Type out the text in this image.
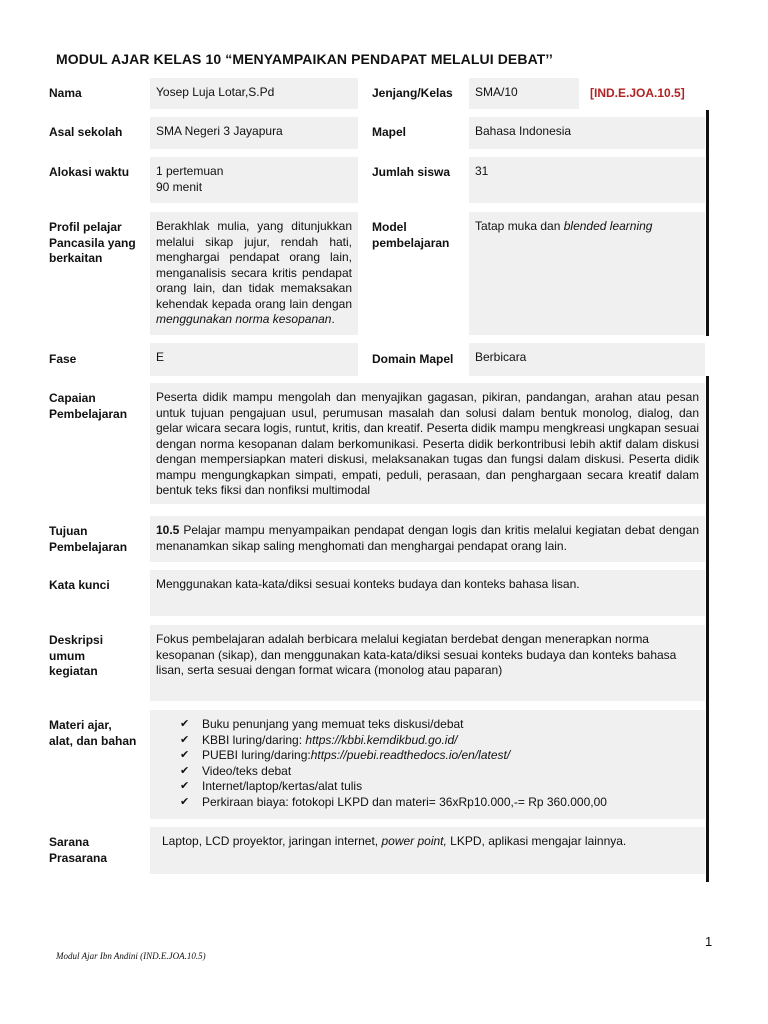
MODUL AJAR KELAS 10 “MENYAMPAIKAN PENDAPAT MELALUI DEBAT’’
Nama
Asal sekolah
Alokasi waktu
Profil pelajar
Pancasila yang
berkaitan
Fase
Yosep Luja Lotar,S.Pd
SMA Negeri 3 Jayapura
1 pertemuan
90 menit
Berakhlak mulia, yang ditunjukkan melalui sikap jujur, rendah hati, menghargai pendapat orang lain, menganalisis secara kritis pendapat orang lain, dan tidak memaksakan kehendak kepada orang lain dengan menggunakan norma kesopanan.
E
Jenjang/Kelas
Mapel
Jumlah siswa
Model
pembelajaran
Domain Mapel
SMA/10	[IND.E.JOA.10.5]
Bahasa Indonesia
31
Tatap muka dan blended learning
Berbicara
Capaian
Pembelajaran
Peserta didik mampu mengolah dan menyajikan gagasan, pikiran, pandangan, arahan atau pesan untuk tujuan pengajuan usul, perumusan masalah dan solusi dalam bentuk monolog, dialog, dan gelar wicara secara logis, runtut, kritis, dan kreatif. Peserta didik mampu mengkreasi ungkapan sesuai dengan norma kesopanan dalam berkomunikasi. Peserta didik berkontribusi lebih aktif dalam diskusi dengan mempersiapkan materi diskusi, melaksanakan tugas dan fungsi dalam diskusi. Peserta didik mampu mengungkapkan simpati, empati, peduli, perasaan, dan penghargaan secara kreatif dalam bentuk teks fiksi dan nonfiksi multimodal
Tujuan
Pembelajaran
10.5 Pelajar mampu menyampaikan pendapat dengan logis dan kritis melalui kegiatan debat dengan menanamkan sikap saling menghomati dan menghargai pendapat orang lain.
Kata kunci	Menggunakan kata-kata/diksi sesuai konteks budaya dan konteks bahasa lisan.
Deskripsi
umum
kegiatan
Fokus pembelajaran adalah berbicara melalui kegiatan berdebat dengan menerapkan norma kesopanan (sikap), dan menggunakan kata-kata/diksi sesuai konteks budaya dan konteks bahasa lisan, serta sesuai dengan format wicara (monolog atau paparan)
Materi ajar,
alat, dan bahan
✔ Buku penunjang yang memuat teks diskusi/debat
✔ KBBI luring/daring: https://kbbi.kemdikbud.go.id/
✔ PUEBI luring/daring:https://puebi.readthedocs.io/en/latest/
✔ Video/teks debat
✔ Internet/laptop/kertas/alat tulis
✔ Perkiraan biaya: fotokopi LKPD dan materi= 36xRp10.000,-= Rp 360.000,00
Sarana
Prasarana
Laptop, LCD proyektor, jaringan internet, power point, LKPD, aplikasi mengajar lainnya.
1
Modul Ajar Ibn Andini (IND.E.JOA.10.5)
